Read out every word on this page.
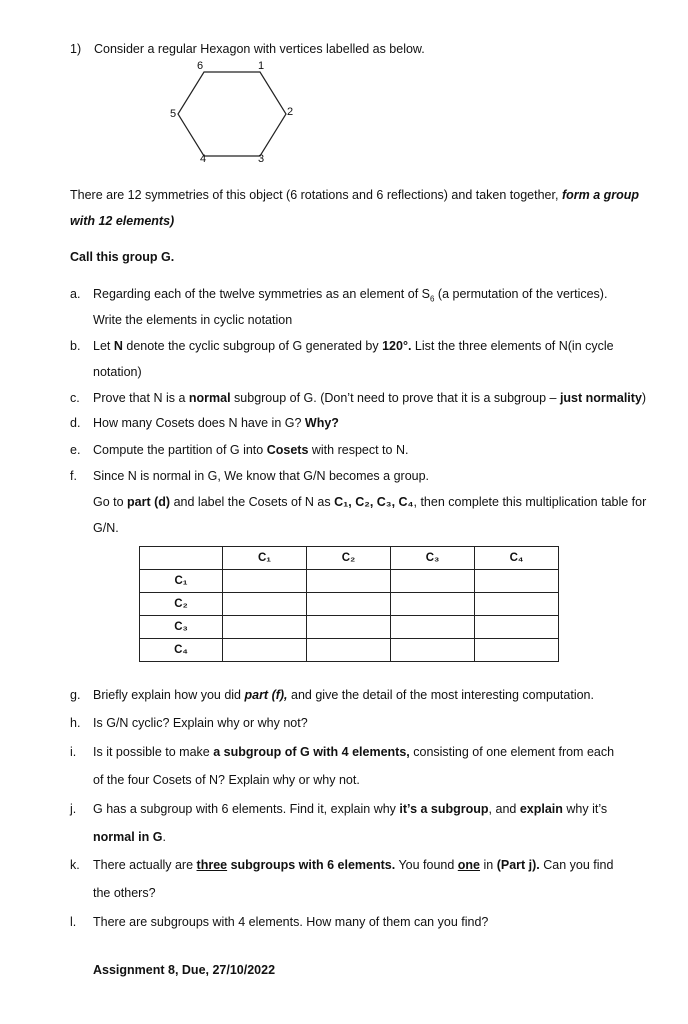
1) Consider a regular Hexagon with vertices labelled as below.
6	1
2
3
4
5
There are 12 symmetries of this object (6 rotations and 6 reflections) and taken together, form a group
with 12 elements)
Call this group G.
a.	Regarding each of the twelve symmetries as an element of $S_6$ (a permutation of the vertices).
Write the elements in cyclic notation
b.	Let N denote the cyclic subgroup of G generated by 120°. List the three elements of N(in cycle
notation)
c.	Prove that N is a normal subgroup of G. (Don’t need to prove that it is a subgroup – just normality)
d.	How many Cosets does N have in G? Why?
e.	Compute the partition of G into Cosets with respect to N.
f.	Since N is normal in G, We know that G/N becomes a group.
Go to part (d) and label the Cosets of N as C₁, C₂, C₃, C₄, then complete this multiplication table for
G/N.
	C₁	C₂	C₃	C₄
C₁				
C₂				
C₃				
C₄				
g.	Briefly explain how you did part (f), and give the detail of the most interesting computation.
h.	Is G/N cyclic? Explain why or why not?
i.	Is it possible to make a subgroup of G with 4 elements, consisting of one element from each
of the four Cosets of N? Explain why or why not.
j.	G has a subgroup with 6 elements. Find it, explain why it’s a subgroup, and explain why it’s
normal in G.
k.	There actually are three subgroups with 6 elements. You found one in (Part j). Can you find
the others?
l.	There are subgroups with 4 elements. How many of them can you find?
Assignment 8, Due, 27/10/2022
